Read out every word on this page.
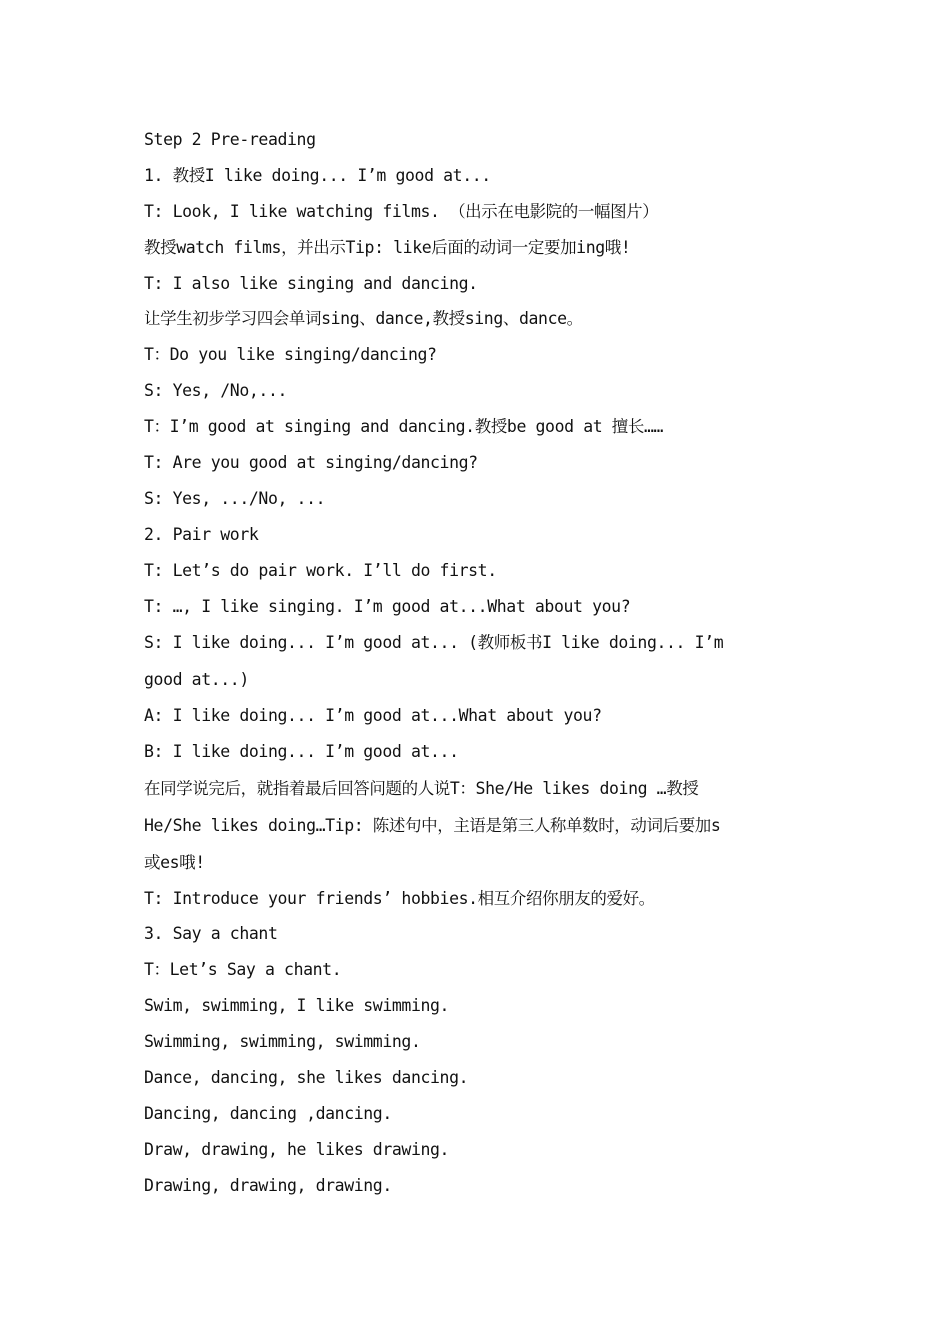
Step 2 Pre-reading
1. 教授I like doing... I’m good at...
T: Look, I like watching films. （出示在电影院的一幅图片）
教授watch films，并出示Tip: like后面的动词一定要加ing哦!
T: I also like singing and dancing.
让学生初步学习四会单词sing、dance,教授sing、dance。
T：Do you like singing/dancing?
S: Yes, /No,...
T：I’m good at singing and dancing.教授be good at 擅长……
T: Are you good at singing/dancing?
S: Yes, .../No, ...
2. Pair work
T: Let’s do pair work. I’ll do first.
T: …, I like singing. I’m good at...What about you?
S: I like doing... I’m good at... (教师板书I like doing... I’m
good at...)
A: I like doing... I’m good at...What about you?
B: I like doing... I’m good at...
在同学说完后，就指着最后回答问题的人说T：She/He likes doing …教授
He/She likes doing…Tip: 陈述句中，主语是第三人称单数时，动词后要加s
或es哦!
T: Introduce your friends’ hobbies.相互介绍你朋友的爱好。
3. Say a chant
T：Let’s Say a chant.
Swim, swimming, I like swimming.
Swimming, swimming, swimming.
Dance, dancing, she likes dancing.
Dancing, dancing ,dancing.
Draw, drawing, he likes drawing.
Drawing, drawing, drawing.
